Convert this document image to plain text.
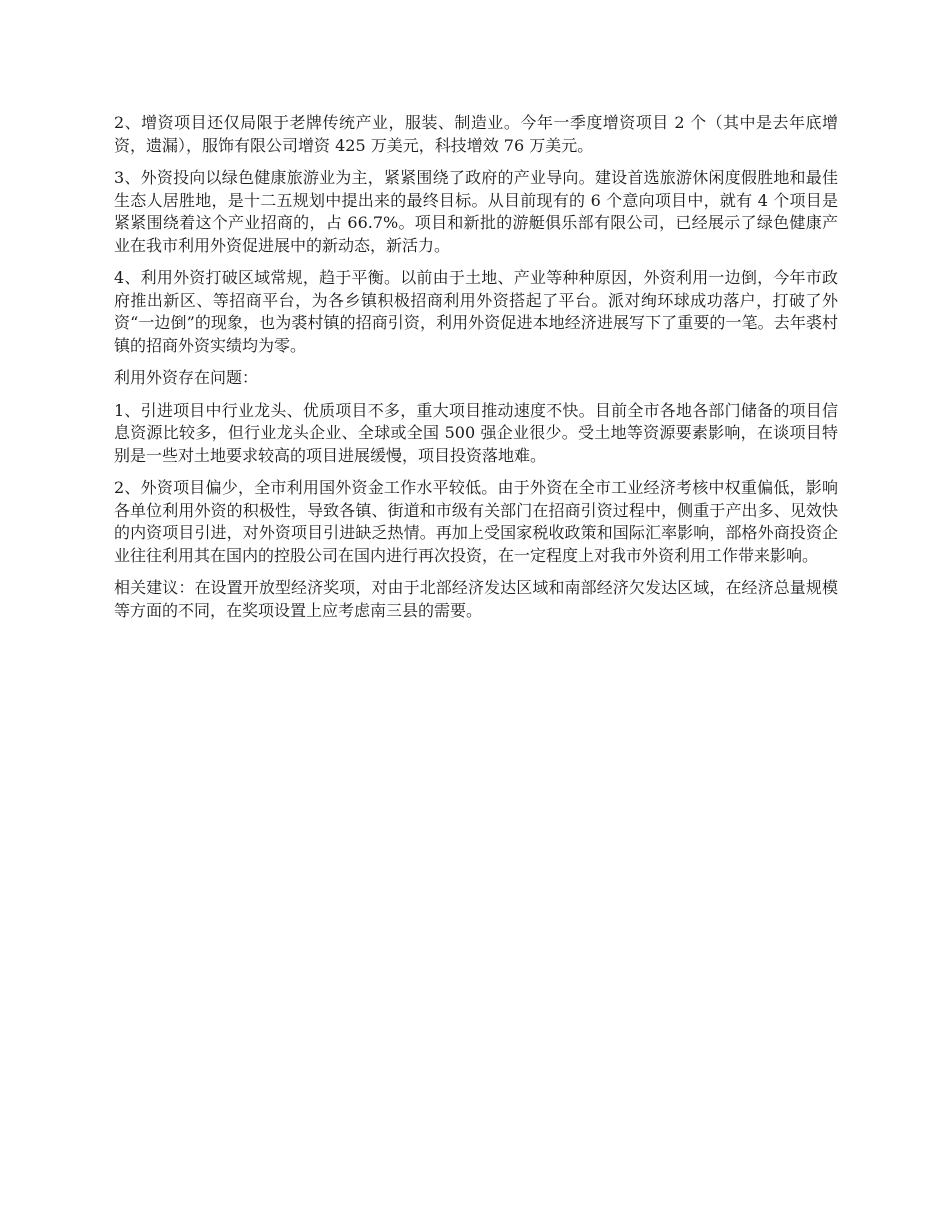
2、增资项目还仅局限于老牌传统产业，服装、制造业。今年一季度增资项目 2 个（其中是去年底增资，遗漏），服饰有限公司增资 425 万美元，科技增效 76 万美元。

3、外资投向以绿色健康旅游业为主，紧紧围绕了政府的产业导向。建设首选旅游休闲度假胜地和最佳生态人居胜地，是十二五规划中提出来的最终目标。从目前现有的 6 个意向项目中，就有 4 个项目是紧紧围绕着这个产业招商的，占 66.7%。项目和新批的游艇俱乐部有限公司，已经展示了绿色健康产业在我市利用外资促进展中的新动态，新活力。

4、利用外资打破区域常规，趋于平衡。以前由于土地、产业等种种原因，外资利用一边倒，今年市政府推出新区、等招商平台，为各乡镇积极招商利用外资搭起了平台。派对绚环球成功落户，打破了外资“一边倒”的现象，也为裘村镇的招商引资，利用外资促进本地经济进展写下了重要的一笔。去年裘村镇的招商外资实绩均为零。

利用外资存在问题：

1、引进项目中行业龙头、优质项目不多，重大项目推动速度不快。目前全市各地各部门储备的项目信息资源比较多，但行业龙头企业、全球或全国 500 强企业很少。受土地等资源要素影响，在谈项目特别是一些对土地要求较高的项目进展缓慢，项目投资落地难。

2、外资项目偏少，全市利用国外资金工作水平较低。由于外资在全市工业经济考核中权重偏低，影响各单位利用外资的积极性，导致各镇、街道和市级有关部门在招商引资过程中，侧重于产出多、见效快的内资项目引进，对外资项目引进缺乏热情。再加上受国家税收政策和国际汇率影响，部格外商投资企业往往利用其在国内的控股公司在国内进行再次投资，在一定程度上对我市外资利用工作带来影响。

相关建议：在设置开放型经济奖项，对由于北部经济发达区域和南部经济欠发达区域，在经济总量规模等方面的不同，在奖项设置上应考虑南三县的需要。
